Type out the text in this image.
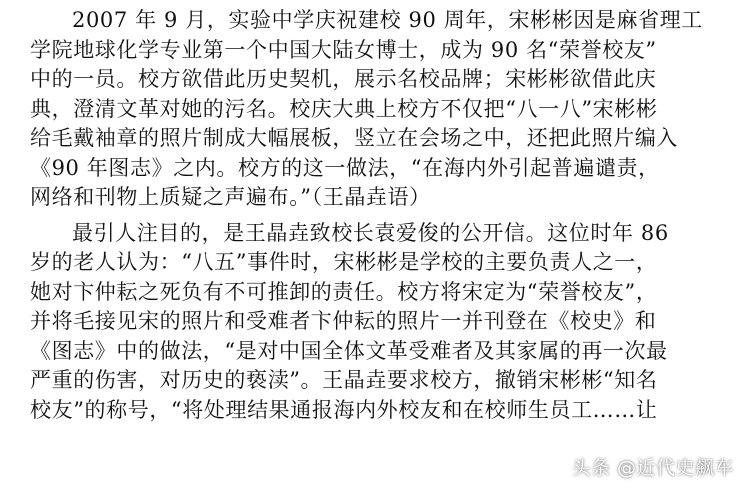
2007 年 9 月，实验中学庆祝建校 90 周年，宋彬彬因是麻省理工
学院地球化学专业第一个中国大陆女博士，成为 90 名“荣誉校友”
中的一员。校方欲借此历史契机，展示名校品牌；宋彬彬欲借此庆
典，澄清文革对她的污名。校庆大典上校方不仅把“八一八”宋彬彬
给毛戴袖章的照片制成大幅展板，竖立在会场之中，还把此照片编入
《90 年图志》之内。校方的这一做法，“在海内外引起普遍谴责，
网络和刊物上质疑之声遍布。”（王晶垚语）

最引人注目的，是王晶垚致校长袁爱俊的公开信。这位时年 86
岁的老人认为：“八五”事件时，宋彬彬是学校的主要负责人之一，
她对卞仲耘之死负有不可推卸的责任。校方将宋定为“荣誉校友”，
并将毛接见宋的照片和受难者卞仲耘的照片一并刊登在《校史》和
《图志》中的做法，“是对中国全体文革受难者及其家属的再一次最
严重的伤害，对历史的亵渎”。王晶垚要求校方，撤销宋彬彬“知名
校友”的称号，“将处理结果通报海内外校友和在校师生员工……让

头条 @近代史飙车
